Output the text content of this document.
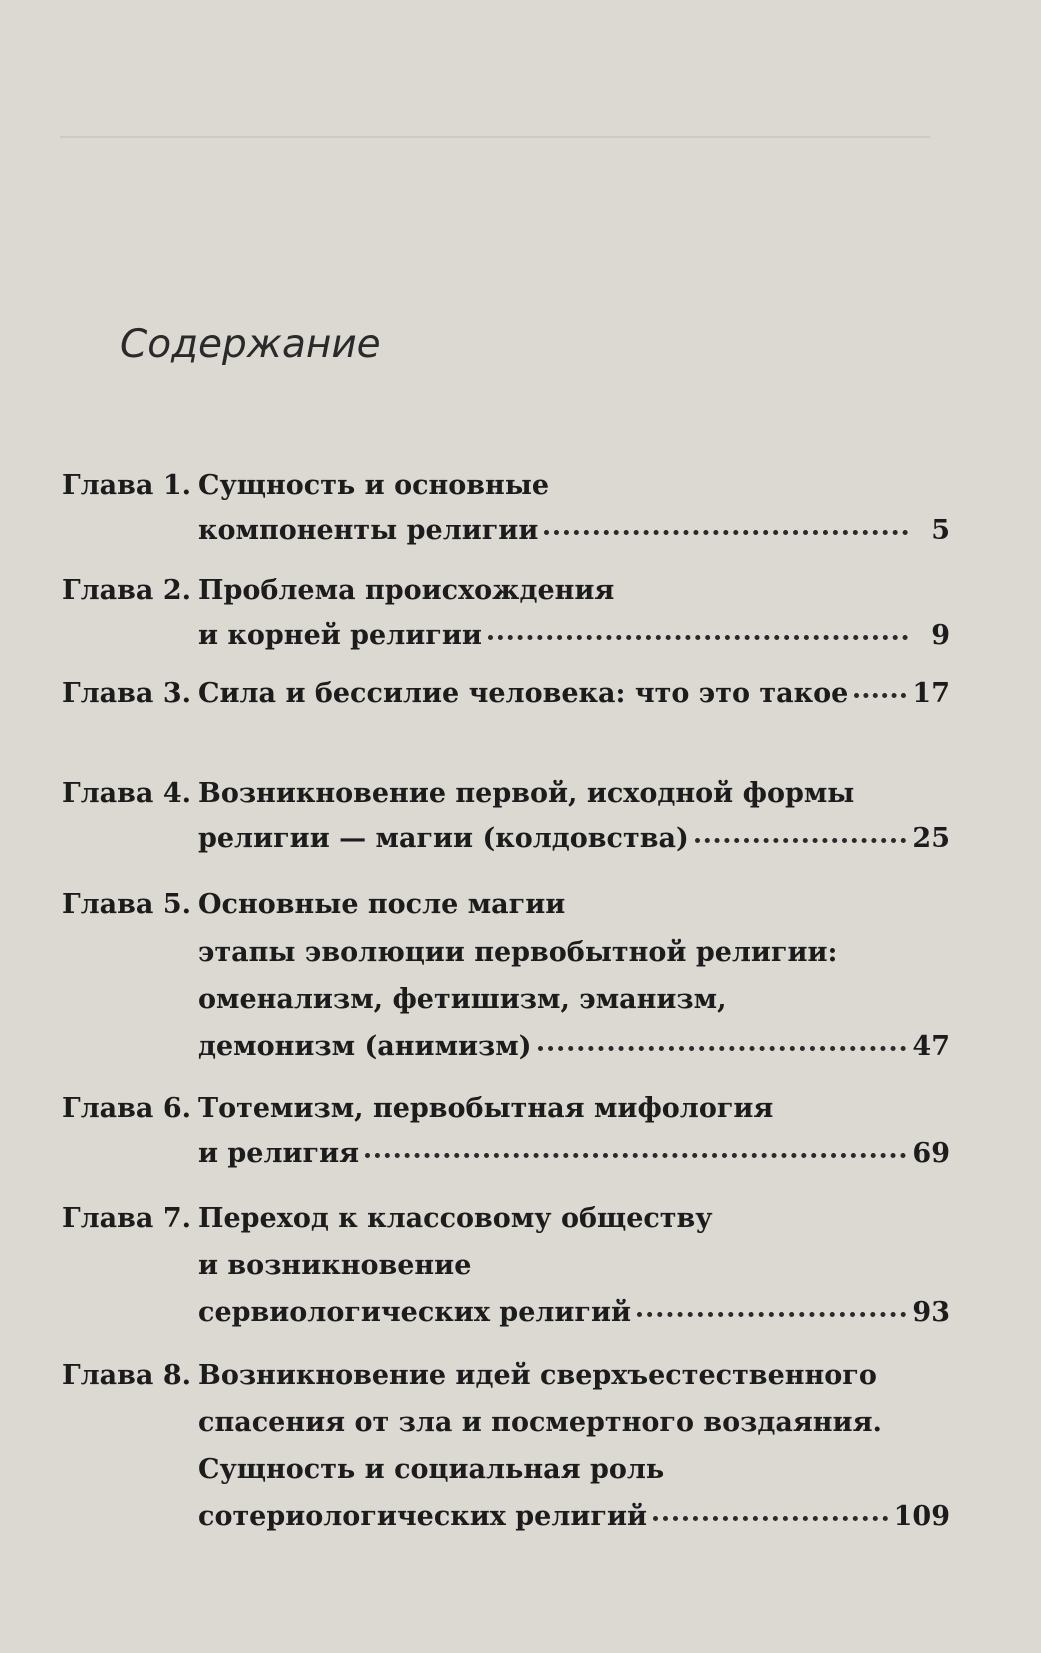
Содержание
Глава 1. Сущность и основные
компоненты религии	5
Глава 2. Проблема происхождения
и корней религии	9
Глава 3. Сила и бессилие человека: что это такое 17
Глава 4. Возникновение первой, исходной формы
религии — магии (колдовства)	25
Глава 5. Основные после магии
этапы эволюции первобытной религии:
оменализм, фетишизм, эманизм,
демонизм (анимизм)	47
Глава 6. Тотемизм, первобытная мифология
и религия	69
Глава 7. Переход к классовому обществу
и возникновение
сервиологических религий	93
Глава 8. Возникновение идей сверхъестественного
спасения от зла и посмертного воздаяния.
Сущность и социальная роль
сотериологических религий	109
